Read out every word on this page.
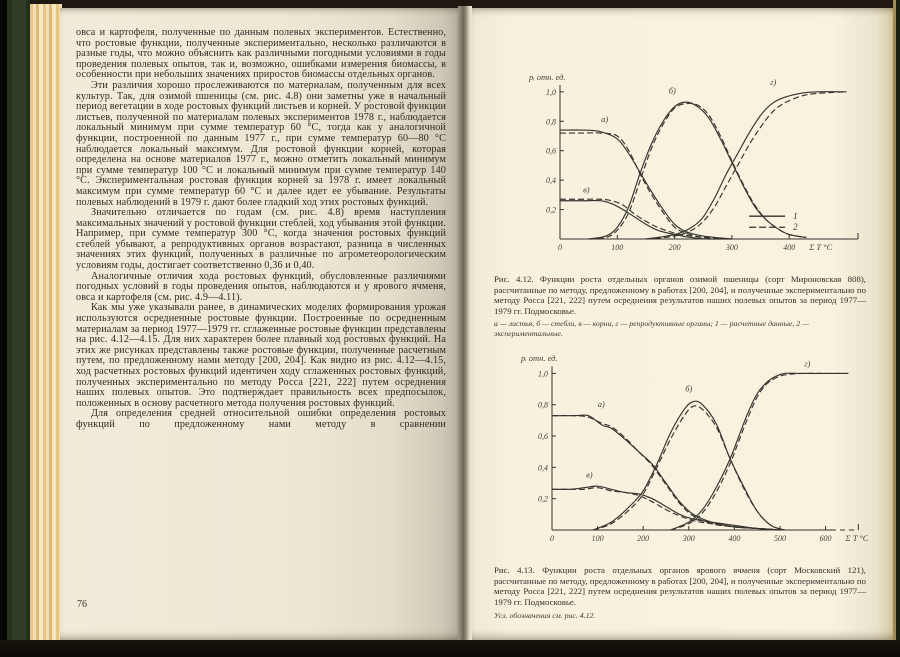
овса и картофеля, полученные по данным полевых экспериментов. Естественно, что ростовые функции, полученные экспериментально, несколько различаются в разные годы, что можно объяснить как различными погодными условиями в годы проведения полевых опытов, так и, возможно, ошибками измерения биомассы, в особенности при небольших значениях приростов биомассы отдельных органов.

Эти различия хорошо прослеживаются по материалам, полученным для всех культур. Так, для озимой пшеницы (см. рис. 4.8) они заметны уже в начальный период вегетации в ходе ростовых функций листьев и корней. У ростовой функции листьев, полученной по материалам полевых экспериментов 1978 г., наблюдается локальный минимум при сумме температур 60 °C, тогда как у аналогичной функции, построенной по данным 1977 г., при сумме температур 60—80 °C наблюдается локальный максимум. Для ростовой функции корней, которая определена на основе материалов 1977 г., можно отметить локальный минимум при сумме температур 100 °C и локальный минимум при сумме температур 140 °C. Экспериментальная ростовая функция корней за 1978 г. имеет локальный максимум при сумме температур 60 °C и далее идет ее убывание. Результаты полевых наблюдений в 1979 г. дают более гладкий ход этих ростовых функций.

Значительно отличается по годам (см. рис. 4.8) время наступления максимальных значений у ростовой функции стеблей, ход убывания этой функции. Например, при сумме температур 300 °C, когда значения ростовых функций стеблей убывают, а репродуктивных органов возрастают, разница в численных значениях этих функций, полученных в различные по агрометеорологическим условиям годы, достигает соответственно 0,36 и 0,40.

Аналогичные отличия хода ростовых функций, обусловленные различиями погодных условий в годы проведения опытов, наблюдаются и у ярового ячменя, овса и картофеля (см. рис. 4.9—4.11).

Как мы уже указывали ранее, в динамических моделях формирования урожая используются осредненные ростовые функции. Построенные по осредненным материалам за период 1977—1979 гг. сглаженные ростовые функции представлены на рис. 4.12—4.15. Для них характерен более плавный ход ростовых функций. На этих же рисунках представлены также ростовые функции, полученные расчетным путем, по предложенному нами методу [200, 204]. Как видно из рис. 4.12—4.15, ход расчетных ростовых функций идентичен ходу сглаженных ростовых функций, полученных экспериментально по методу Росса [221, 222] путем осреднения наших полевых опытов. Это подтверждает правильность всех предпосылок, положенных в основу расчетного метода получения ростовых функций.

Для определения средней относительной ошибки определения ростовых функций по предложенному нами методу в сравнении

76
0,2
0,4
0,6
0,8
1,0
0	100	200	300	400
pᵢ отн. ед.
Σ T °C
а)
б)
в)
г)
1
2
Рис. 4.12. Функции роста отдельных органов озимой пшеницы (сорт Мироновская 808), рассчитанные по методу, предложенному в работах [200, 204], и полученные экспериментально по методу Росса [221, 222] путем осреднения результатов наших полевых опытов за период 1977—1979 гг. Подмосковье.
а — листья, б — стебли, в — корни, г — репродуктивные органы; 1 — расчетные данные, 2 — экспериментальные.
0,2
0,4
0,6
0,8
1,0
0	100	200	300	400	500	600
pᵢ отн. ед.
Σ T °C
а)
б)
в)
г)
Рис. 4.13. Функции роста отдельных органов ярового ячменя (сорт Московский 121), рассчитанные по методу, предложенному в работах [200, 204], и полученные экспериментально по методу Росса [221, 222] путем осреднения результатов наших полевых опытов за период 1977—1979 гг. Подмосковье.
Усл. обозначения см. рис. 4.12.
